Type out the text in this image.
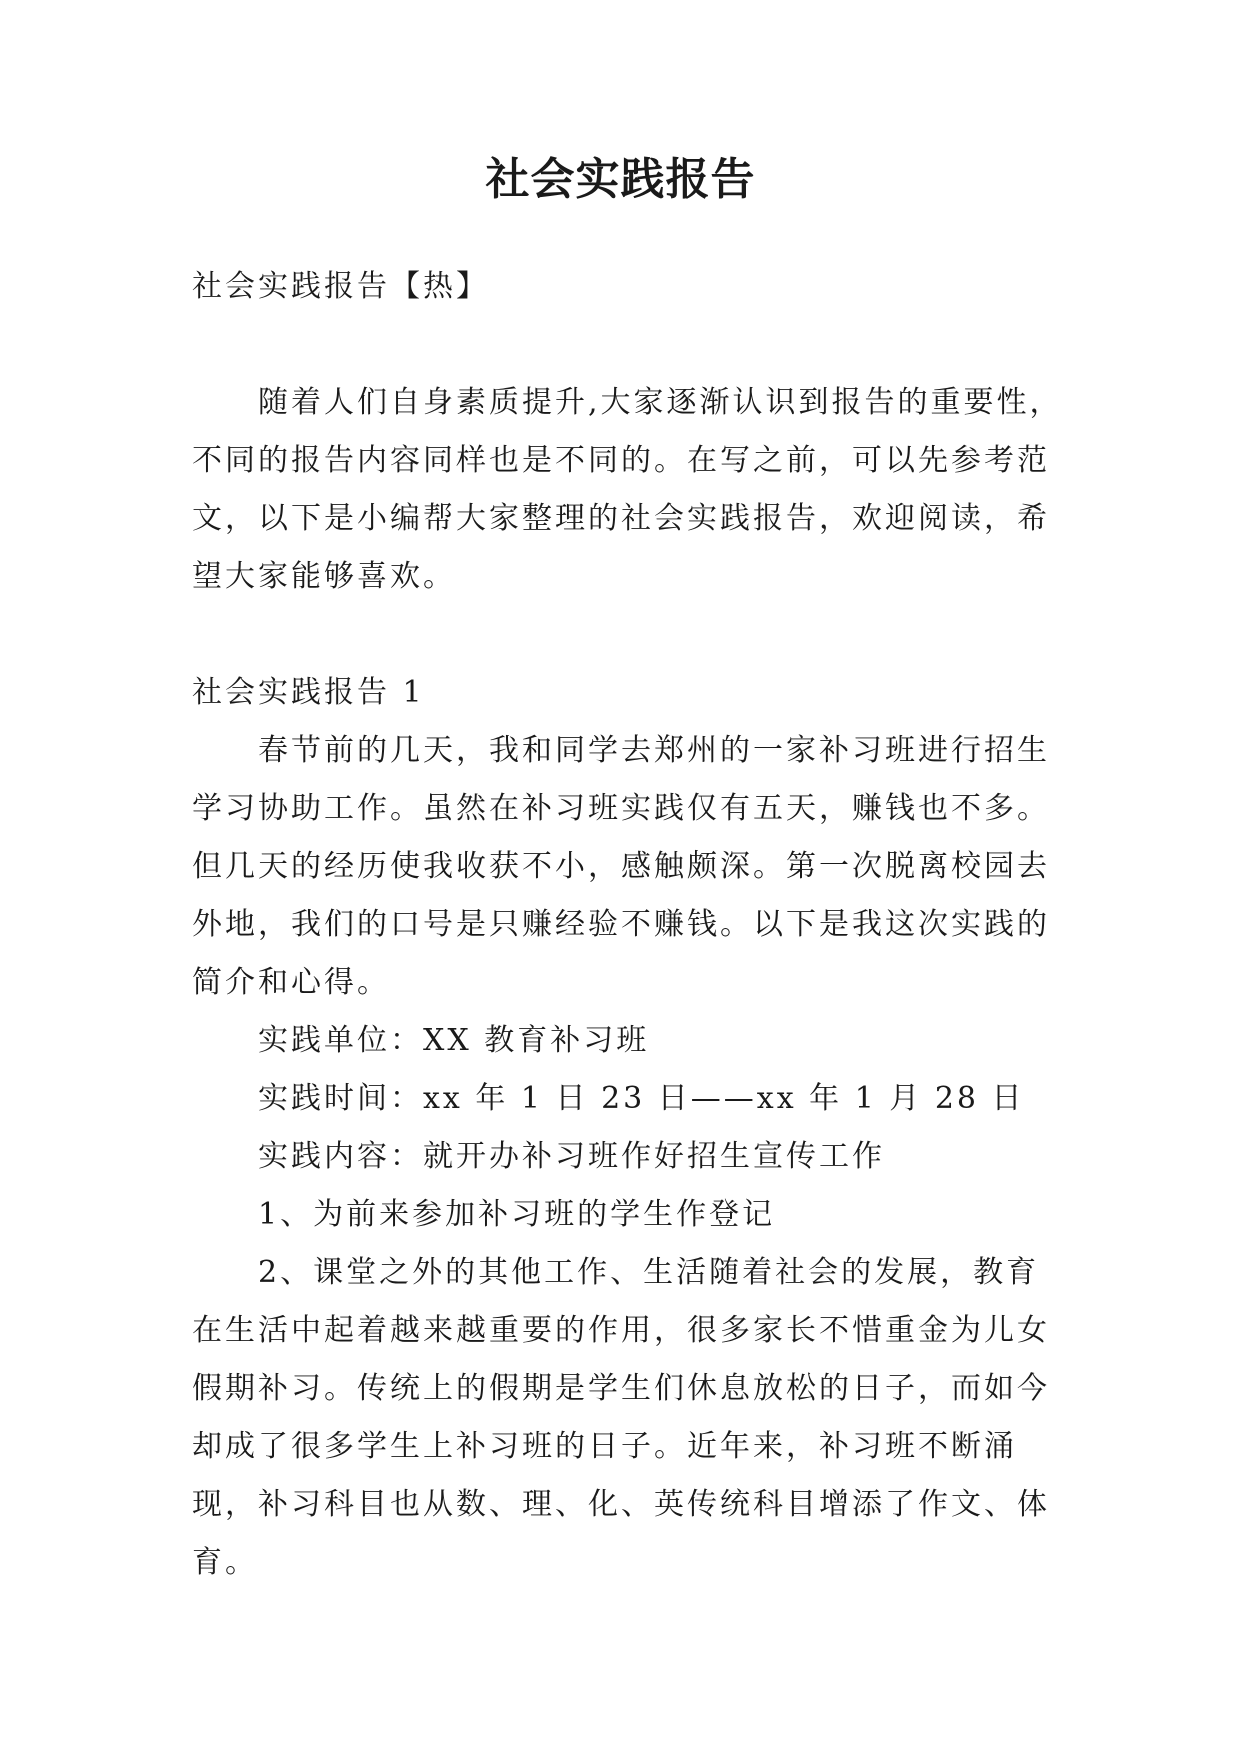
社会实践报告

社会实践报告【热】

随着人们自身素质提升,大家逐渐认识到报告的重要性，不同的报告内容同样也是不同的。在写之前，可以先参考范文，以下是小编帮大家整理的社会实践报告，欢迎阅读，希望大家能够喜欢。

社会实践报告 1

春节前的几天，我和同学去郑州的一家补习班进行招生学习协助工作。虽然在补习班实践仅有五天，赚钱也不多。但几天的经历使我收获不小，感触颇深。第一次脱离校园去外地，我们的口号是只赚经验不赚钱。以下是我这次实践的简介和心得。

实践单位：XX 教育补习班

实践时间：xx 年 1 日 23 日——xx 年 1 月 28 日

实践内容：就开办补习班作好招生宣传工作

1、为前来参加补习班的学生作登记

2、课堂之外的其他工作、生活随着社会的发展，教育在生活中起着越来越重要的作用，很多家长不惜重金为儿女假期补习。传统上的假期是学生们休息放松的日子，而如今却成了很多学生上补习班的日子。近年来，补习班不断涌现，补习科目也从数、理、化、英传统科目增添了作文、体育。
